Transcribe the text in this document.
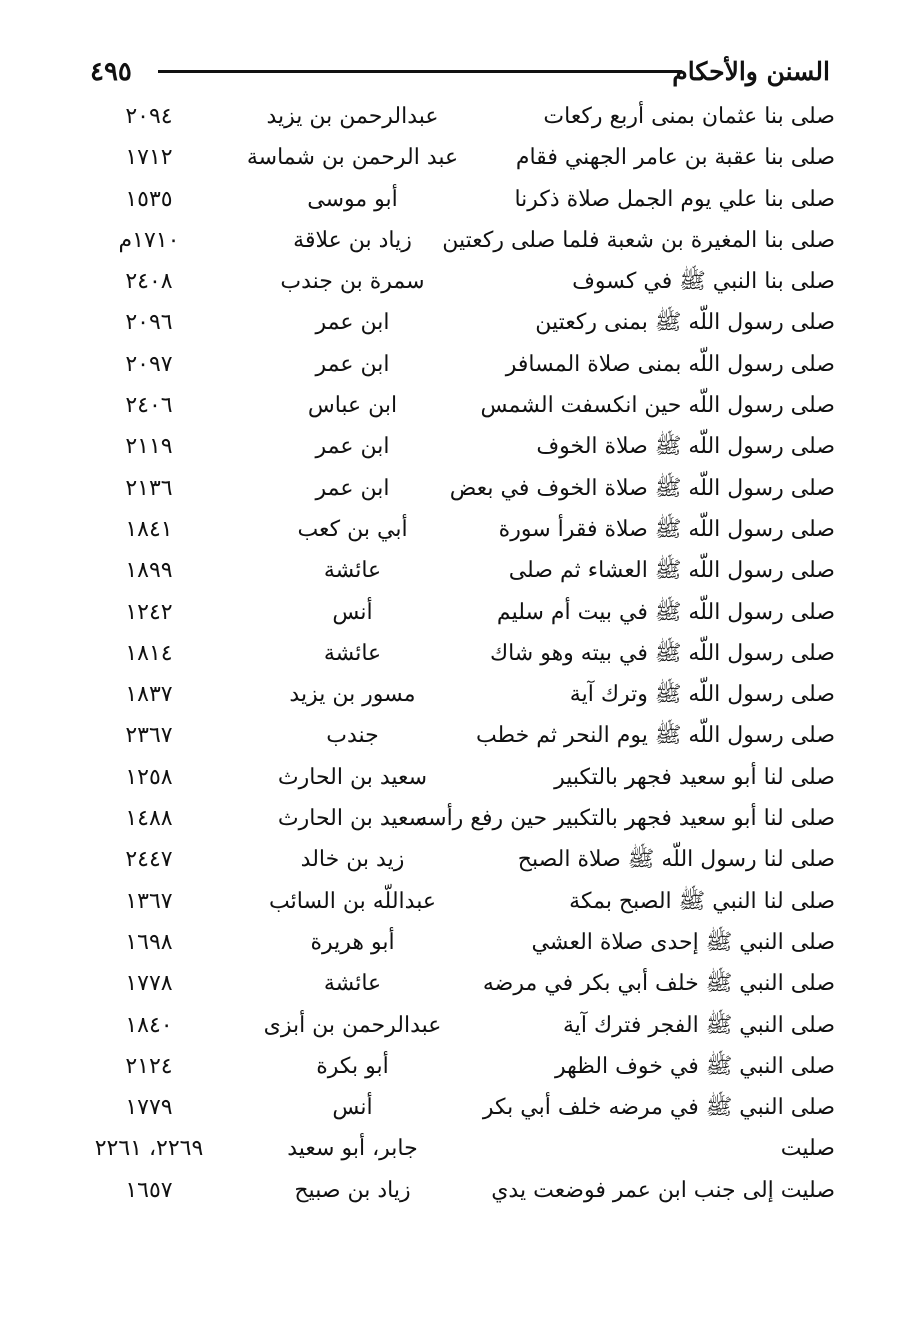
٤٩٥	السنن والأحكام
صلى بنا عثمان بمنى أربع ركعات
عبدالرحمن بن يزيد
٢٠٩٤
صلى بنا عقبة بن عامر الجهني فقام
عبد الرحمن بن شماسة
١٧١٢
صلى بنا علي يوم الجمل صلاة ذكرنا
أبو موسى
١٥٣٥
صلى بنا المغيرة بن شعبة فلما صلى ركعتين
زياد بن علاقة
١٧١٠م
صلى بنا النبي ﷺ في كسوف
سمرة بن جندب
٢٤٠٨
صلى رسول اللّه ﷺ بمنى ركعتين
ابن عمر
٢٠٩٦
صلى رسول اللّه بمنى صلاة المسافر
ابن عمر
٢٠٩٧
صلى رسول اللّه حين انكسفت الشمس
ابن عباس
٢٤٠٦
صلى رسول اللّه ﷺ صلاة الخوف
ابن عمر
٢١١٩
صلى رسول اللّه ﷺ صلاة الخوف في بعض
ابن عمر
٢١٣٦
صلى رسول اللّه ﷺ صلاة فقرأ سورة
أبي بن كعب
١٨٤١
صلى رسول اللّه ﷺ العشاء ثم صلى
عائشة
١٨٩٩
صلى رسول اللّه ﷺ في بيت أم سليم
أنس
١٢٤٢
صلى رسول اللّه ﷺ في بيته وهو شاك
عائشة
١٨١٤
صلى رسول اللّه ﷺ وترك آية
مسور بن يزيد
١٨٣٧
صلى رسول اللّه ﷺ يوم النحر ثم خطب
جندب
٢٣٦٧
صلى لنا أبو سعيد فجهر بالتكبير
سعيد بن الحارث
١٢٥٨
صلى لنا أبو سعيد فجهر بالتكبير حين رفع رأسه
سعيد بن الحارث
١٤٨٨
صلى لنا رسول اللّه ﷺ صلاة الصبح
زيد بن خالد
٢٤٤٧
صلى لنا النبي ﷺ الصبح بمكة
عبداللّه بن السائب
١٣٦٧
صلى النبي ﷺ إحدى صلاة العشي
أبو هريرة
١٦٩٨
صلى النبي ﷺ خلف أبي بكر في مرضه
عائشة
١٧٧٨
صلى النبي ﷺ الفجر فترك آية
عبدالرحمن بن أبزى
١٨٤٠
صلى النبي ﷺ في خوف الظهر
أبو بكرة
٢١٢٤
صلى النبي ﷺ في مرضه خلف أبي بكر
أنس
١٧٧٩
صليت
جابر، أبو سعيد
٢٢٦٩، ٢٢٦١
صليت إلى جنب ابن عمر فوضعت يدي
زياد بن صبيح
١٦٥٧
